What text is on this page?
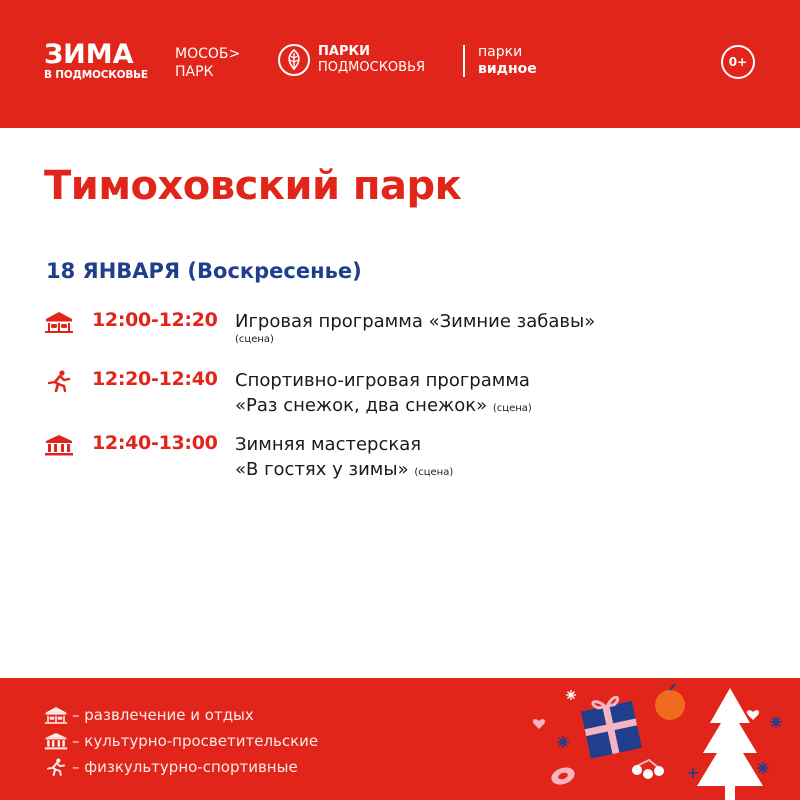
ЗИМА
В ПОДМОСКОВЬЕ
МОСОБ>
ПАРК
ПАРКИ
ПОДМОСКОВЬЯ
парки
видное	0+
Тимоховский парк
18 ЯНВАРЯ (Воскресенье)
12:00-12:20 Игровая программа «Зимние забавы»
(сцена)
12:20-12:40 Спортивно-игровая программа
«Раз снежок, два снежок» (сцена)
12:40-13:00 Зимняя мастерская
«В гостях у зимы» (сцена)
– развлечение и отдых
– культурно-просветительские
– физкультурно-спортивные
